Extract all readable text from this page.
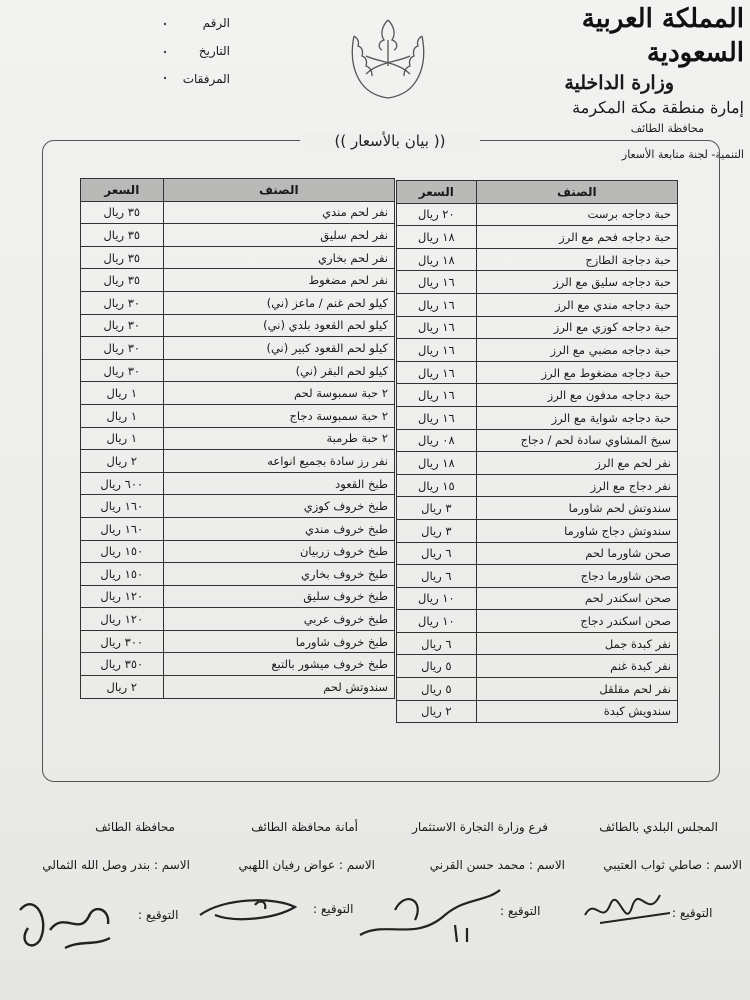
المملكة العربية السعودية
وزارة الداخلية
إمارة منطقة مكة المكرمة
محافظة الطائف
التنمية- لجنة متابعة الأسعار
الرقم
التاريخ
المرفقات
(( بيان بالأسعار ))
الصنف	السعر
حبة دجاجه برست	٢٠ ريال
حبة دجاجه فحم مع الرز	١٨ ريال
حبة دجاجة الطازج	١٨ ريال
حبة دجاجه سليق مع الرز	١٦ ريال
حبة دجاجه مندي مع الرز	١٦ ريال
حبة دجاجه كوزي مع الرز	١٦ ريال
حبة دجاجه مضبي مع الرز	١٦ ريال
حبة دجاجه مضغوط مع الرز	١٦ ريال
حبة دجاجه مدفون مع الرز	١٦ ريال
حبة دجاجه شواية مع الرز	١٦ ريال
سيخ المشاوي سادة لحم / دجاج	٠٨ ريال
نفر لحم مع الرز	١٨ ريال
نفر دجاج مع الرز	١٥ ريال
سندوتش لحم شاورما	٣ ريال
سندوتش دجاج شاورما	٣ ريال
صحن شاورما لحم	٦ ريال
صحن شاورما دجاج	٦ ريال
صحن اسكندر لحم	١٠ ريال
صحن اسكندر دجاج	١٠ ريال
نفر كبدة جمل	٦ ريال
نفر كبدة غنم	٥ ريال
نفر لحم مقلقل	٥ ريال
سندويش كبدة	٢ ريال
الصنف	السعر
نفر لحم مندي	٣٥ ريال
نفر لحم سليق	٣٥ ريال
نفر لحم بخاري	٣٥ ريال
نفر لحم مضغوط	٣٥ ريال
كيلو لحم غنم / ماعز (ني)	٣٠ ريال
كيلو لحم القعود بلدي (ني)	٣٠ ريال
كيلو لحم القعود كبير (ني)	٣٠ ريال
كيلو لحم البقر (ني)	٣٠ ريال
٢ حبة سمبوسة لحم	١ ريال
٢ حبة سمبوسة دجاج	١ ريال
٢ حبة طرمبة	١ ريال
نفر رز سادة بجميع انواعه	٢ ريال
طبخ القعود	٦٠٠ ريال
طبخ خروف كوزي	١٦٠ ريال
طبخ خروف مندي	١٦٠ ريال
طبخ خروف زربيان	١٥٠ ريال
طبخ خروف بخاري	١٥٠ ريال
طبخ خروف سليق	١٢٠ ريال
طبخ خروف عربي	١٢٠ ريال
طبخ خروف شاورما	٣٠٠ ريال
طبخ خروف ميشور بالتبع	٣٥٠ ريال
سندوتش لحم	٢ ريال
المجلس البلدي بالطائف
فرع وزارة التجارة الاستثمار
أمانة محافظة الطائف
محافظة الطائف
الاسم : صاطي ثواب العتيبي
الاسم : محمد حسن القرني
الاسم : عواض رفيان اللهبي
الاسم : بندر وصل الله الثمالي
التوقيع :
التوقيع :
التوقيع :
التوقيع :
